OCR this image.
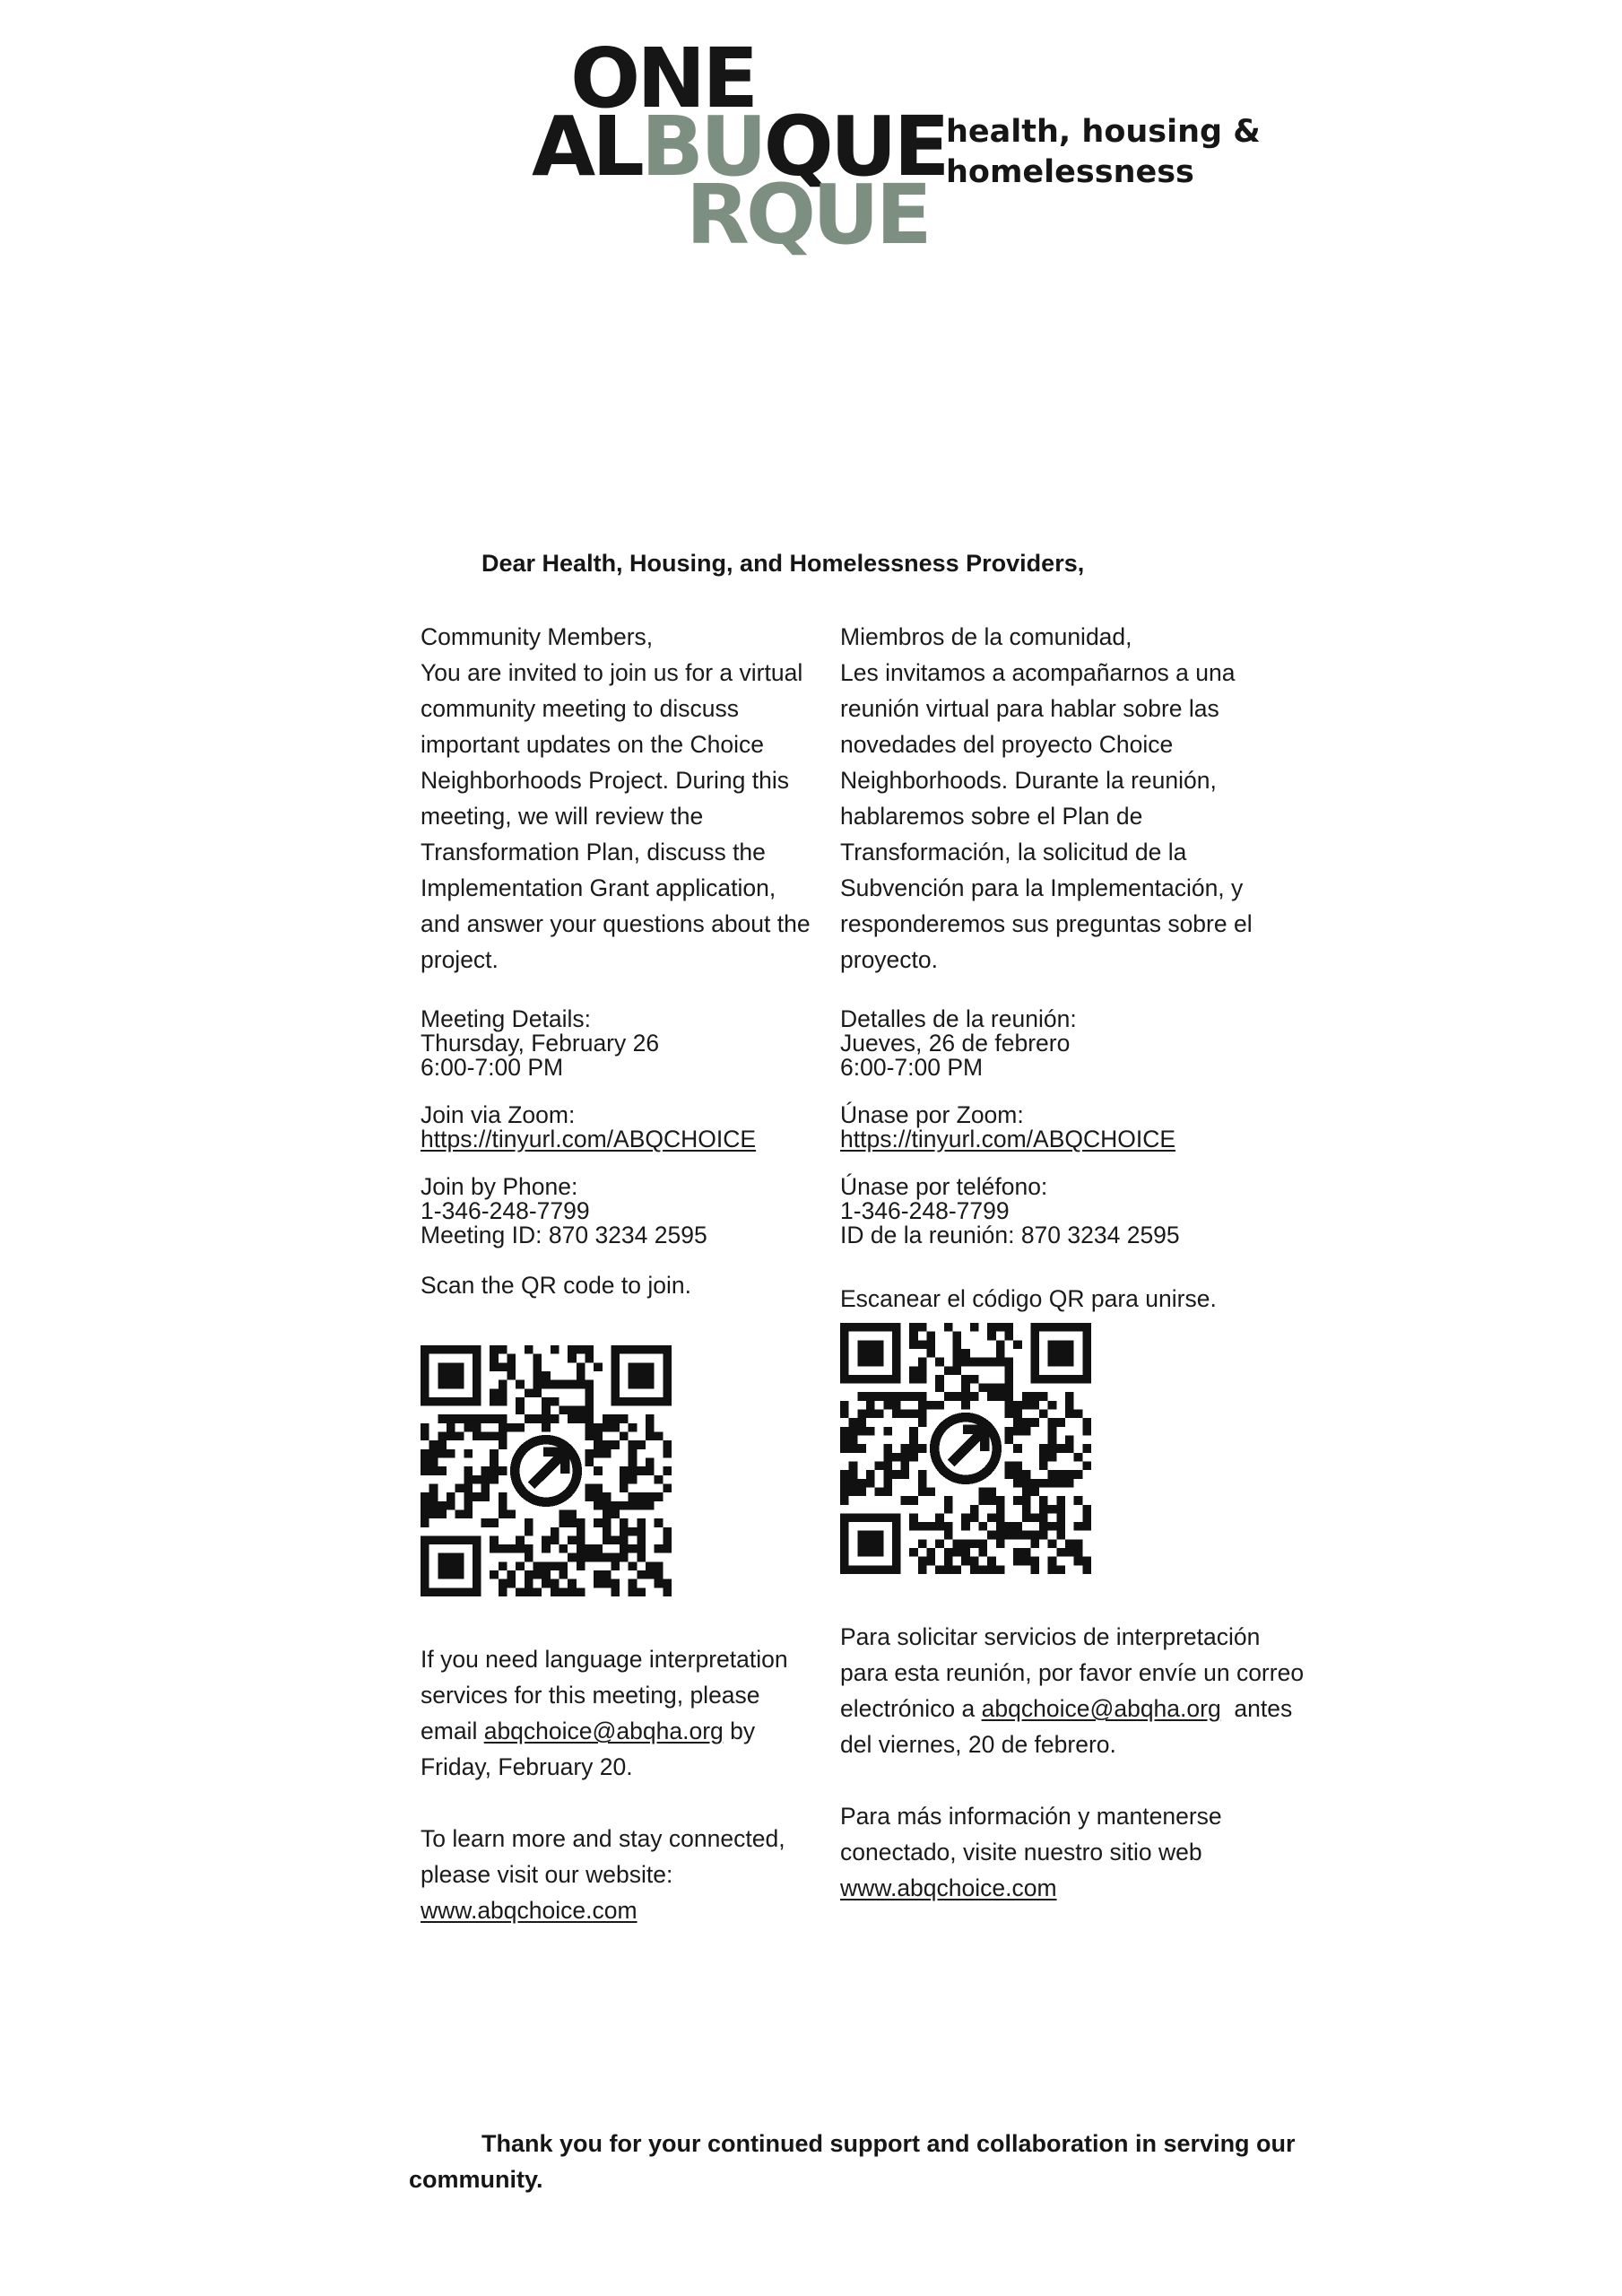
ONE
ALBUQUE
RQUE
health, housing &
homelessness
Dear Health, Housing, and Homelessness Providers,
Community Members,
You are invited to join us for a virtual
community meeting to discuss
important updates on the Choice
Neighborhoods Project. During this
meeting, we will review the
Transformation Plan, discuss the
Implementation Grant application,
and answer your questions about the
project.
Meeting Details:
Thursday, February 26
6:00-7:00 PM
Join via Zoom:
https://tinyurl.com/ABQCHOICE
Join by Phone:
1-346-248-7799
Meeting ID: 870 3234 2595
Scan the QR code to join.
If you need language interpretation
services for this meeting, please
email abqchoice@abqha.org by
Friday, February 20.
To learn more and stay connected,
please visit our website:
www.abqchoice.com
Miembros de la comunidad,
Les invitamos a acompañarnos a una
reunión virtual para hablar sobre las
novedades del proyecto Choice
Neighborhoods. Durante la reunión,
hablaremos sobre el Plan de
Transformación, la solicitud de la
Subvención para la Implementación, y
responderemos sus preguntas sobre el
proyecto.
Detalles de la reunión:
Jueves, 26 de febrero
6:00-7:00 PM
Únase por Zoom:
https://tinyurl.com/ABQCHOICE
Únase por teléfono:
1-346-248-7799
ID de la reunión: 870 3234 2595
Escanear el código QR para unirse.
Para solicitar servicios de interpretación
para esta reunión, por favor envíe un correo
electrónico a abqchoice@abqha.org  antes
del viernes, 20 de febrero.
Para más información y mantenerse
conectado, visite nuestro sitio web
www.abqchoice.com
Thank you for your continued support and collaboration in serving our community.
